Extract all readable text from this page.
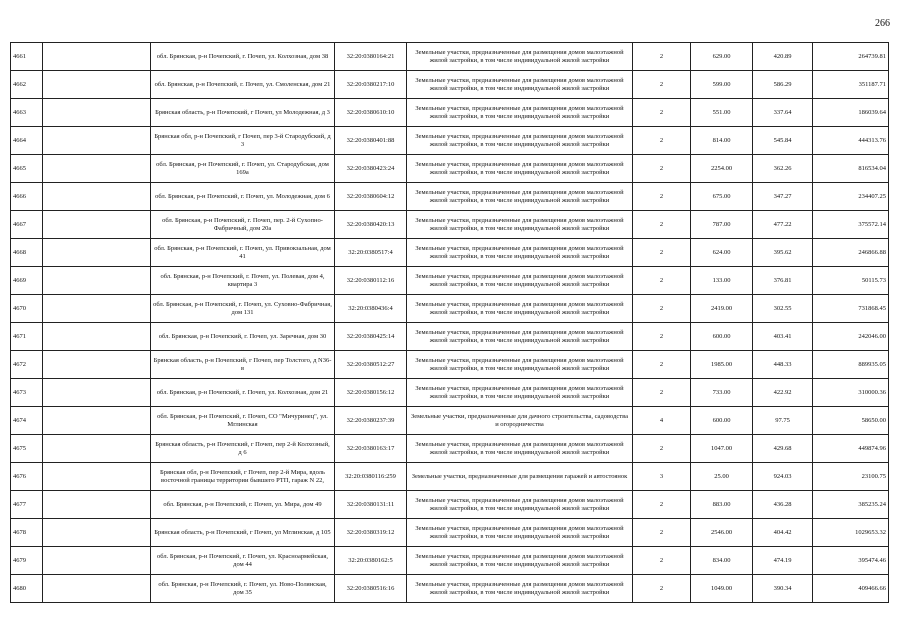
266
4661		обл. Брянская, р-н Почепский, г. Почеп, ул. Колхозная, дом 38	32:20:0380164:21	Земельные участки, предназначенные для размещения домов малоэтажной жилой застройки, в том числе индивидуальной жилой застройки	2	629.00	420.89	264739.81
4662		обл. Брянская, р-н Почепский, г. Почеп, ул. Смоленская, дом 21	32:20:0380217:10	Земельные участки, предназначенные для размещения домов малоэтажной жилой застройки, в том числе индивидуальной жилой застройки	2	599.00	586.29	351187.71
4663		Брянская область, р-н Почепский, г Почеп, ул Молодежная, д 3	32:20:0380610:10	Земельные участки, предназначенные для размещения домов малоэтажной жилой застройки, в том числе индивидуальной жилой застройки	2	551.00	337.64	186039.64
4664		Брянская обл, р-н Почепский, г Почеп, пер 3-й Стародубский, д 3	32:20:0380401:88	Земельные участки, предназначенные для размещения домов малоэтажной жилой застройки, в том числе индивидуальной жилой застройки	2	814.00	545.84	444313.76
4665		обл. Брянская, р-н Почепский, г. Почеп, ул. Стародубская, дом 169а	32:20:0380423:24	Земельные участки, предназначенные для размещения домов малоэтажной жилой застройки, в том числе индивидуальной жилой застройки	2	2254.00	362.26	816534.04
4666		обл. Брянская, р-н Почепский, г. Почеп, ул. Молодежная, дом 6	32:20:0380604:12	Земельные участки, предназначенные для размещения домов малоэтажной жилой застройки, в том числе индивидуальной жилой застройки	2	675.00	347.27	234407.25
4667		обл. Брянская, р-н Почепский, г. Почеп, пер. 2-й Сухопно-Фабричный, дом 20а	32:20:0380420:13	Земельные участки, предназначенные для размещения домов малоэтажной жилой застройки, в том числе индивидуальной жилой застройки	2	787.00	477.22	375572.14
4668		обл. Брянская, р-н Почепский, г. Почеп, ул. Привокзальная, дом 41	32:20:0380517:4	Земельные участки, предназначенные для размещения домов малоэтажной жилой застройки, в том числе индивидуальной жилой застройки	2	624.00	395.62	246866.88
4669		обл. Брянская, р-н Почепский, г. Почеп, ул. Полевая, дом 4, квартира 3	32:20:0380112:16	Земельные участки, предназначенные для размещения домов малоэтажной жилой застройки, в том числе индивидуальной жилой застройки	2	133.00	376.81	50115.73
4670		обл. Брянская, р-н Почепский, г. Почеп, ул. Суховно-Фабричная, дом 131	32:20:0380436:4	Земельные участки, предназначенные для размещения домов малоэтажной жилой застройки, в том числе индивидуальной жилой застройки	2	2419.00	302.55	731868.45
4671		обл. Брянская, р-н Почепский, г. Почеп, ул. Заречная, дом 30	32:20:0380425:14	Земельные участки, предназначенные для размещения домов малоэтажной жилой застройки, в том числе индивидуальной жилой застройки	2	600.00	403.41	242046.00
4672		Брянская область, р-н Почепский, г Почеп, пер Толстого, д N36-в	32:20:0380512:27	Земельные участки, предназначенные для размещения домов малоэтажной жилой застройки, в том числе индивидуальной жилой застройки	2	1985.00	448.33	889935.05
4673		обл. Брянская, р-н Почепский, г. Почеп, ул. Колхозная, дом 21	32:20:0380156:12	Земельные участки, предназначенные для размещения домов малоэтажной жилой застройки, в том числе индивидуальной жилой застройки	2	733.00	422.92	310000.36
4674		обл. Брянская, р-н Почепский, г. Почеп, СО "Мичуринец", ул. Мглинская	32:20:0380237:39	Земельные участки, предназначенные для дачного строительства, садоводства и огородничества	4	600.00	97.75	58650.00
4675		Брянская область, р-н Почепский, г Почеп, пер 2-й Колхозный, д 6	32:20:0380163:17	Земельные участки, предназначенные для размещения домов малоэтажной жилой застройки, в том числе индивидуальной жилой застройки	2	1047.00	429.68	449874.96
4676		Брянская обл, р-н Почепский, г Почеп, пер 2-й Мира, вдоль восточной границы территории бывшего РТП, гараж N 22,	32:20:0380116:259	Земельные участки, предназначенные для размещения гаражей и автостоянок	3	25.00	924.03	23100.75
4677		обл. Брянская, р-н Почепский, г. Почеп, ул. Мира, дом 49	32:20:0380131:11	Земельные участки, предназначенные для размещения домов малоэтажной жилой застройки, в том числе индивидуальной жилой застройки	2	883.00	436.28	385235.24
4678		Брянская область, р-н Почепский, г Почеп, ул Мглинская, д 105	32:20:0380319:12	Земельные участки, предназначенные для размещения домов малоэтажной жилой застройки, в том числе индивидуальной жилой застройки	2	2546.00	404.42	1029653.32
4679		обл. Брянская, р-н Почепский, г. Почеп, ул. Красноармейская, дом 44	32:20:0380162:5	Земельные участки, предназначенные для размещения домов малоэтажной жилой застройки, в том числе индивидуальной жилой застройки	2	834.00	474.19	395474.46
4680		обл. Брянская, р-н Почепский, г. Почеп, ул. Ново-Полянская, дом 35	32:20:0380516:16	Земельные участки, предназначенные для размещения домов малоэтажной жилой застройки, в том числе индивидуальной жилой застройки	2	1049.00	390.34	409466.66
